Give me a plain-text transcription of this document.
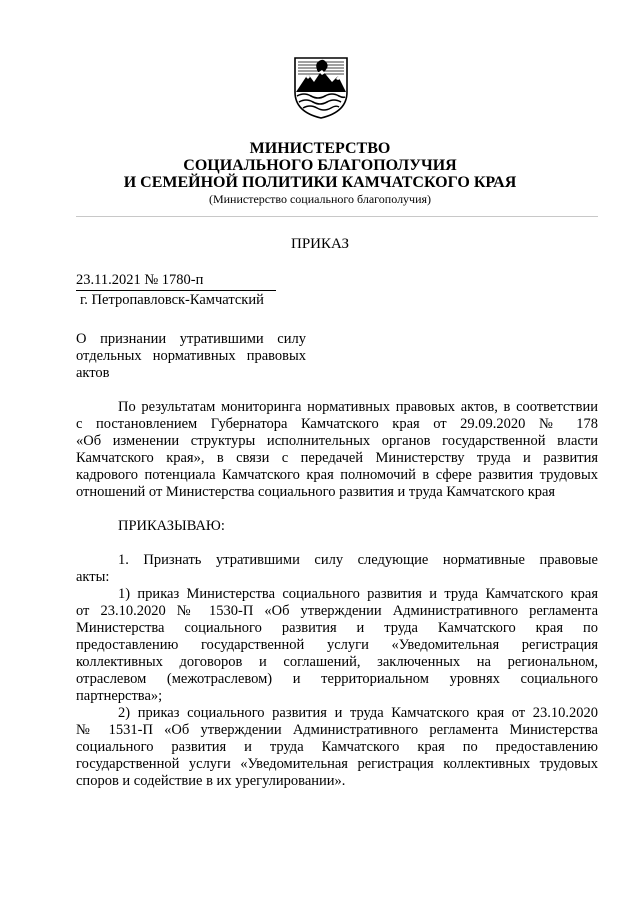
МИНИСТЕРСТВО
СОЦИАЛЬНОГО БЛАГОПОЛУЧИЯ
И СЕМЕЙНОЙ ПОЛИТИКИ КАМЧАТСКОГО КРАЯ
(Министерство социального благополучия)
ПРИКАЗ
23.11.2021 № 1780-п
г. Петропавловск-Камчатский
О признании утратившими силу
отдельных нормативных правовых
актов
По результатам мониторинга нормативных правовых актов, в соответствии
с постановлением Губернатора Камчатского края от 29.09.2020 № 178
«Об изменении структуры исполнительных органов государственной власти
Камчатского края», в связи с передачей Министерству труда и развития
кадрового потенциала Камчатского края полномочий в сфере развития трудовых
отношений от Министерства социального развития и труда Камчатского края
ПРИКАЗЫВАЮ:
1. Признать утратившими силу следующие нормативные правовые
акты:
1) приказ Министерства социального развития и труда Камчатского края
от 23.10.2020 № 1530-П «Об утверждении Административного регламента
Министерства социального развития и труда Камчатского края по
предоставлению государственной услуги «Уведомительная регистрация
коллективных договоров и соглашений, заключенных на региональном,
отраслевом (межотраслевом) и территориальном уровнях социального
партнерства»;
2) приказ социального развития и труда Камчатского края от 23.10.2020
№ 1531-П «Об утверждении Административного регламента Министерства
социального развития и труда Камчатского края по предоставлению
государственной услуги «Уведомительная регистрация коллективных трудовых
споров и содействие в их урегулировании».
